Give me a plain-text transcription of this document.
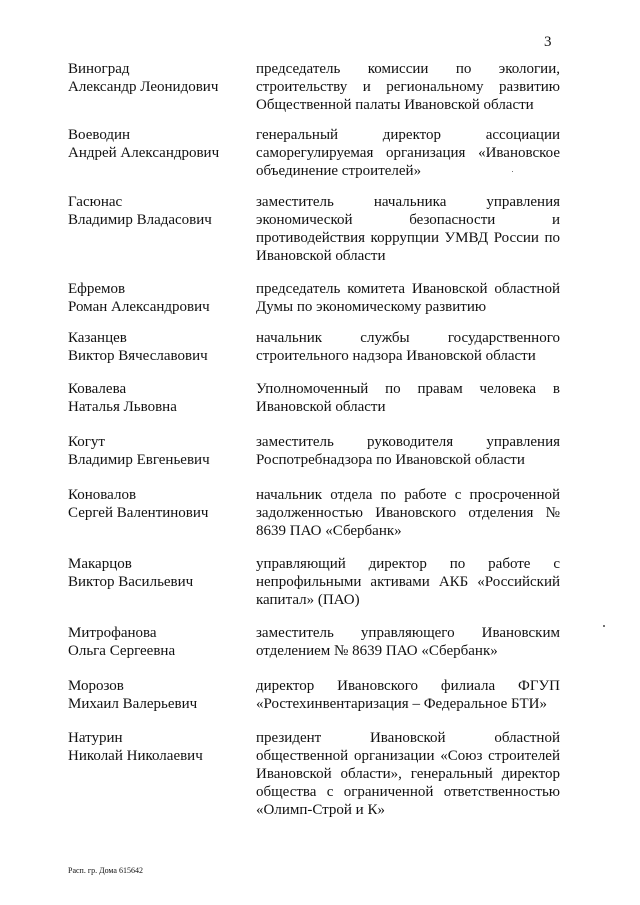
3
Виноград
Александр Леонидович
председатель комиссии по экологии, строительству и региональному развитию Общественной палаты Ивановской области
Воеводин
Андрей Александрович
генеральный директор ассоциации саморегулируемая организация «Ивановское объединение строителей»
Гасюнас
Владимир Владасович
заместитель начальника управления экономической безопасности и противодействия коррупции УМВД России по Ивановской области
Ефремов
Роман Александрович
председатель комитета Ивановской областной Думы по экономическому развитию
Казанцев
Виктор Вячеславович
начальник службы государственного строительного надзора Ивановской области
Ковалева
Наталья Львовна
Уполномоченный по правам человека в Ивановской области
Когут
Владимир Евгеньевич
заместитель руководителя управления Роспотребнадзора по Ивановской области
Коновалов
Сергей Валентинович
начальник отдела по работе с просроченной задолженностью Ивановского отделения № 8639 ПАО «Сбербанк»
Макарцов
Виктор Васильевич
управляющий директор по работе с непрофильными активами АКБ «Российский капитал» (ПАО)
Митрофанова
Ольга Сергеевна
заместитель управляющего Ивановским отделением № 8639 ПАО «Сбербанк»
Морозов
Михаил Валерьевич
директор Ивановского филиала ФГУП «Ростехинвентаризация – Федеральное БТИ»
Натурин
Николай Николаевич
президент Ивановской областной общественной организации «Союз строителей Ивановской области», генеральный директор общества с ограниченной ответственностью «Олимп-Строй и К»
Расп. гр. Дома 615642
